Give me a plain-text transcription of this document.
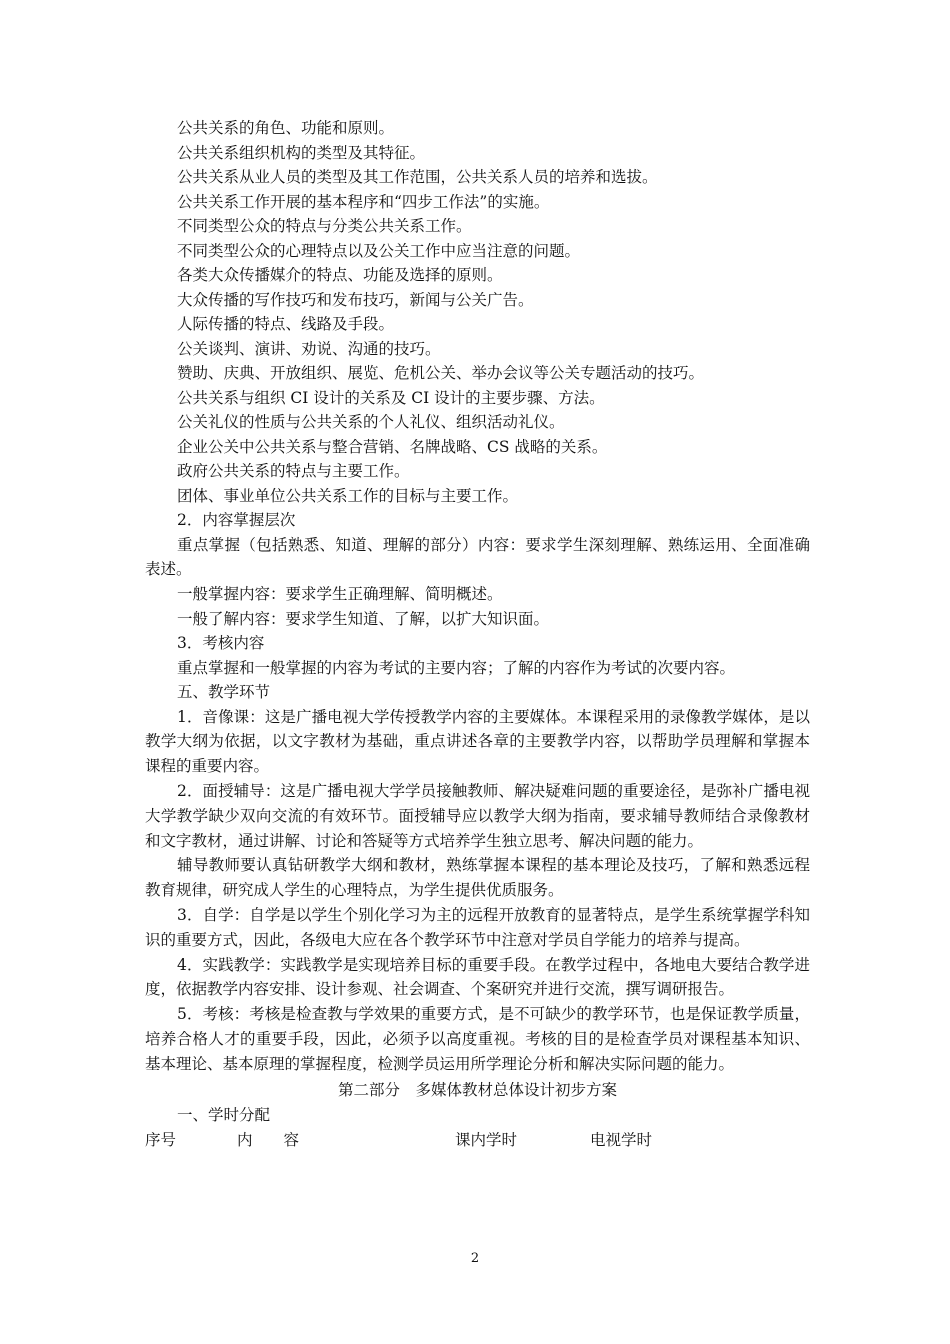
公共关系的角色、功能和原则。
公共关系组织机构的类型及其特征。
公共关系从业人员的类型及其工作范围，公共关系人员的培养和选拔。
公共关系工作开展的基本程序和“四步工作法”的实施。
不同类型公众的特点与分类公共关系工作。
不同类型公众的心理特点以及公关工作中应当注意的问题。
各类大众传播媒介的特点、功能及选择的原则。
大众传播的写作技巧和发布技巧，新闻与公关广告。
人际传播的特点、线路及手段。
公关谈判、演讲、劝说、沟通的技巧。
赞助、庆典、开放组织、展览、危机公关、举办会议等公关专题活动的技巧。
公共关系与组织 CI 设计的关系及 CI 设计的主要步骤、方法。
公关礼仪的性质与公共关系的个人礼仪、组织活动礼仪。
企业公关中公共关系与整合营销、名牌战略、CS 战略的关系。
政府公共关系的特点与主要工作。
团体、事业单位公共关系工作的目标与主要工作。
2．内容掌握层次

重点掌握（包括熟悉、知道、理解的部分）内容：要求学生深刻理解、熟练运用、全面准确表述。

一般掌握内容：要求学生正确理解、简明概述。
一般了解内容：要求学生知道、了解，以扩大知识面。
3．考核内容
重点掌握和一般掌握的内容为考试的主要内容；了解的内容作为考试的次要内容。
五、教学环节

1．音像课：这是广播电视大学传授教学内容的主要媒体。本课程采用的录像教学媒体，是以教学大纲为依据，以文字教材为基础，重点讲述各章的主要教学内容，以帮助学员理解和掌握本课程的重要内容。

2．面授辅导：这是广播电视大学学员接触教师、解决疑难问题的重要途径，是弥补广播电视大学教学缺少双向交流的有效环节。面授辅导应以教学大纲为指南，要求辅导教师结合录像教材和文字教材，通过讲解、讨论和答疑等方式培养学生独立思考、解决问题的能力。

辅导教师要认真钻研教学大纲和教材，熟练掌握本课程的基本理论及技巧，了解和熟悉远程教育规律，研究成人学生的心理特点，为学生提供优质服务。

3．自学：自学是以学生个别化学习为主的远程开放教育的显著特点，是学生系统掌握学科知识的重要方式，因此，各级电大应在各个教学环节中注意对学员自学能力的培养与提高。

4．实践教学：实践教学是实现培养目标的重要手段。在教学过程中，各地电大要结合教学进度，依据教学内容安排、设计参观、社会调查、个案研究并进行交流，撰写调研报告。

5．考核：考核是检查教与学效果的重要方式，是不可缺少的教学环节，也是保证教学质量，培养合格人才的重要手段，因此，必须予以高度重视。考核的目的是检查学员对课程基本知识、基本理论、基本原理的掌握程度，检测学员运用所学理论分析和解决实际问题的能力。

第二部分　多媒体教材总体设计初步方案
一、学时分配
序号	内　　容	课内学时	电视学时
2
